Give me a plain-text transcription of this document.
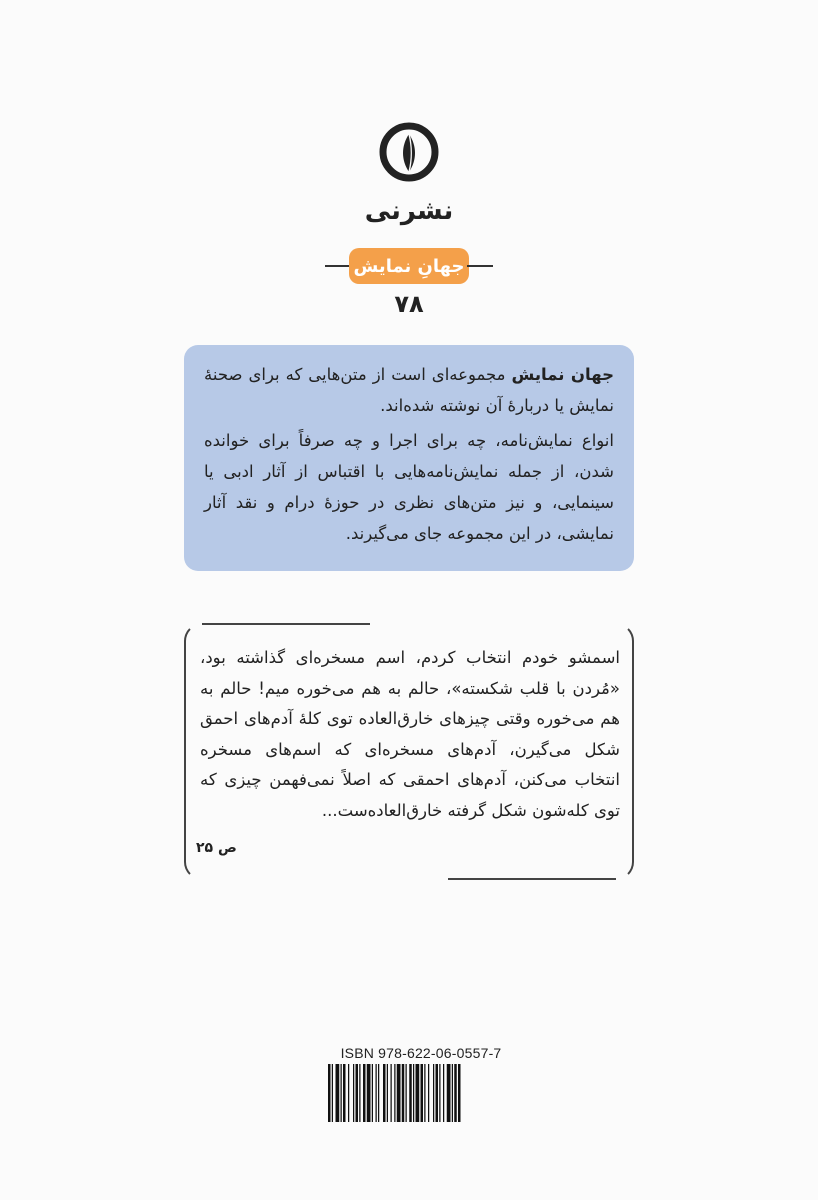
نشرنی
جهانِ نمایش
۷۸

جهان نمایش مجموعه‌ای است از متن‌هایی که برای صحنهٔ نمایش یا دربارهٔ آن نوشته شده‌اند.

انواع نمایش‌نامه، چه برای اجرا و چه صرفاً برای خوانده شدن، از جمله نمایش‌نامه‌هایی با اقتباس از آثار ادبی یا سینمایی، و نیز متن‌های نظری در حوزهٔ درام و نقد آثار نمایشی، در این مجموعه جای می‌گیرند.

اسمشو خودم انتخاب کردم، اسم مسخره‌ای گذاشته بود، «مُردن با قلب شکسته»، حالم به هم می‌خوره میم! حالم به هم می‌خوره وقتی چیزهای خارق‌العاده توی کلهٔ آدم‌های احمق شکل می‌گیرن، آدم‌های مسخره‌ای که اسم‌های مسخره انتخاب می‌کنن، آدم‌های احمقی که اصلاً نمی‌فهمن چیزی که توی کله‌شون شکل گرفته خارق‌العاده‌ست...

ص ۲۵
ISBN 978-622-06-0557-7
